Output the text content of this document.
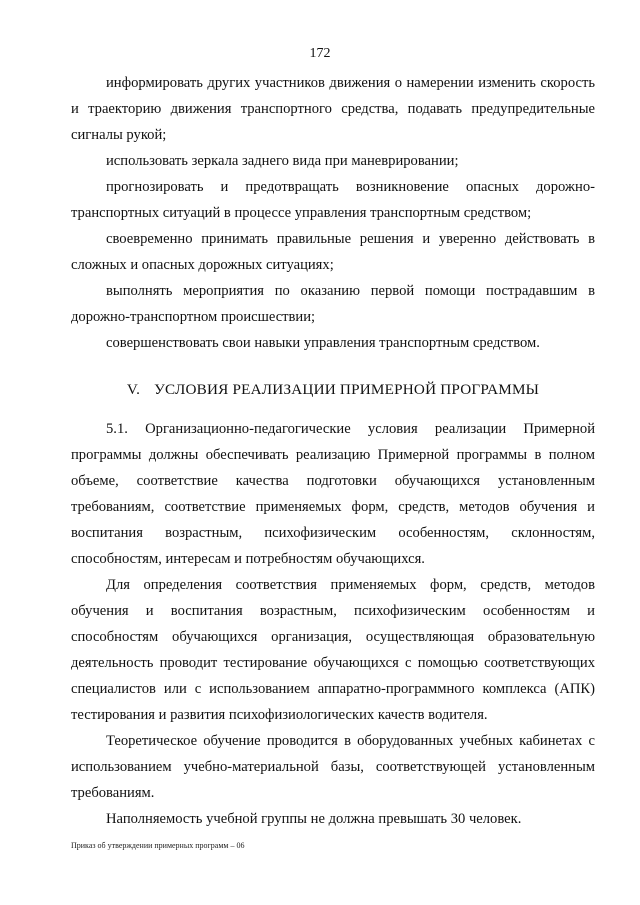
172

информировать других участников движения о намерении изменить скорость и траекторию движения транспортного средства, подавать предупредительные сигналы рукой;

использовать зеркала заднего вида при маневрировании;

прогнозировать и предотвращать возникновение опасных дорожно-транспортных ситуаций в процессе управления транспортным средством;

своевременно принимать правильные решения и уверенно действовать в сложных и опасных дорожных ситуациях;

выполнять мероприятия по оказанию первой помощи пострадавшим в дорожно-транспортном происшествии;

совершенствовать свои навыки управления транспортным средством.

V. УСЛОВИЯ РЕАЛИЗАЦИИ ПРИМЕРНОЙ ПРОГРАММЫ

5.1. Организационно-педагогические условия реализации Примерной программы должны обеспечивать реализацию Примерной программы в полном объеме, соответствие качества подготовки обучающихся установленным требованиям, соответствие применяемых форм, средств, методов обучения и воспитания возрастным, психофизическим особенностям, склонностям, способностям, интересам и потребностям обучающихся.

Для определения соответствия применяемых форм, средств, методов обучения и воспитания возрастным, психофизическим особенностям и способностям обучающихся организация, осуществляющая образовательную деятельность проводит тестирование обучающихся с помощью соответствующих специалистов или с использованием аппаратно-программного комплекса (АПК) тестирования и развития психофизиологических качеств водителя.

Теоретическое обучение проводится в оборудованных учебных кабинетах с использованием учебно-материальной базы, соответствующей установленным требованиям.

Наполняемость учебной группы не должна превышать 30 человек.

Приказ об утверждении примерных программ – 06
